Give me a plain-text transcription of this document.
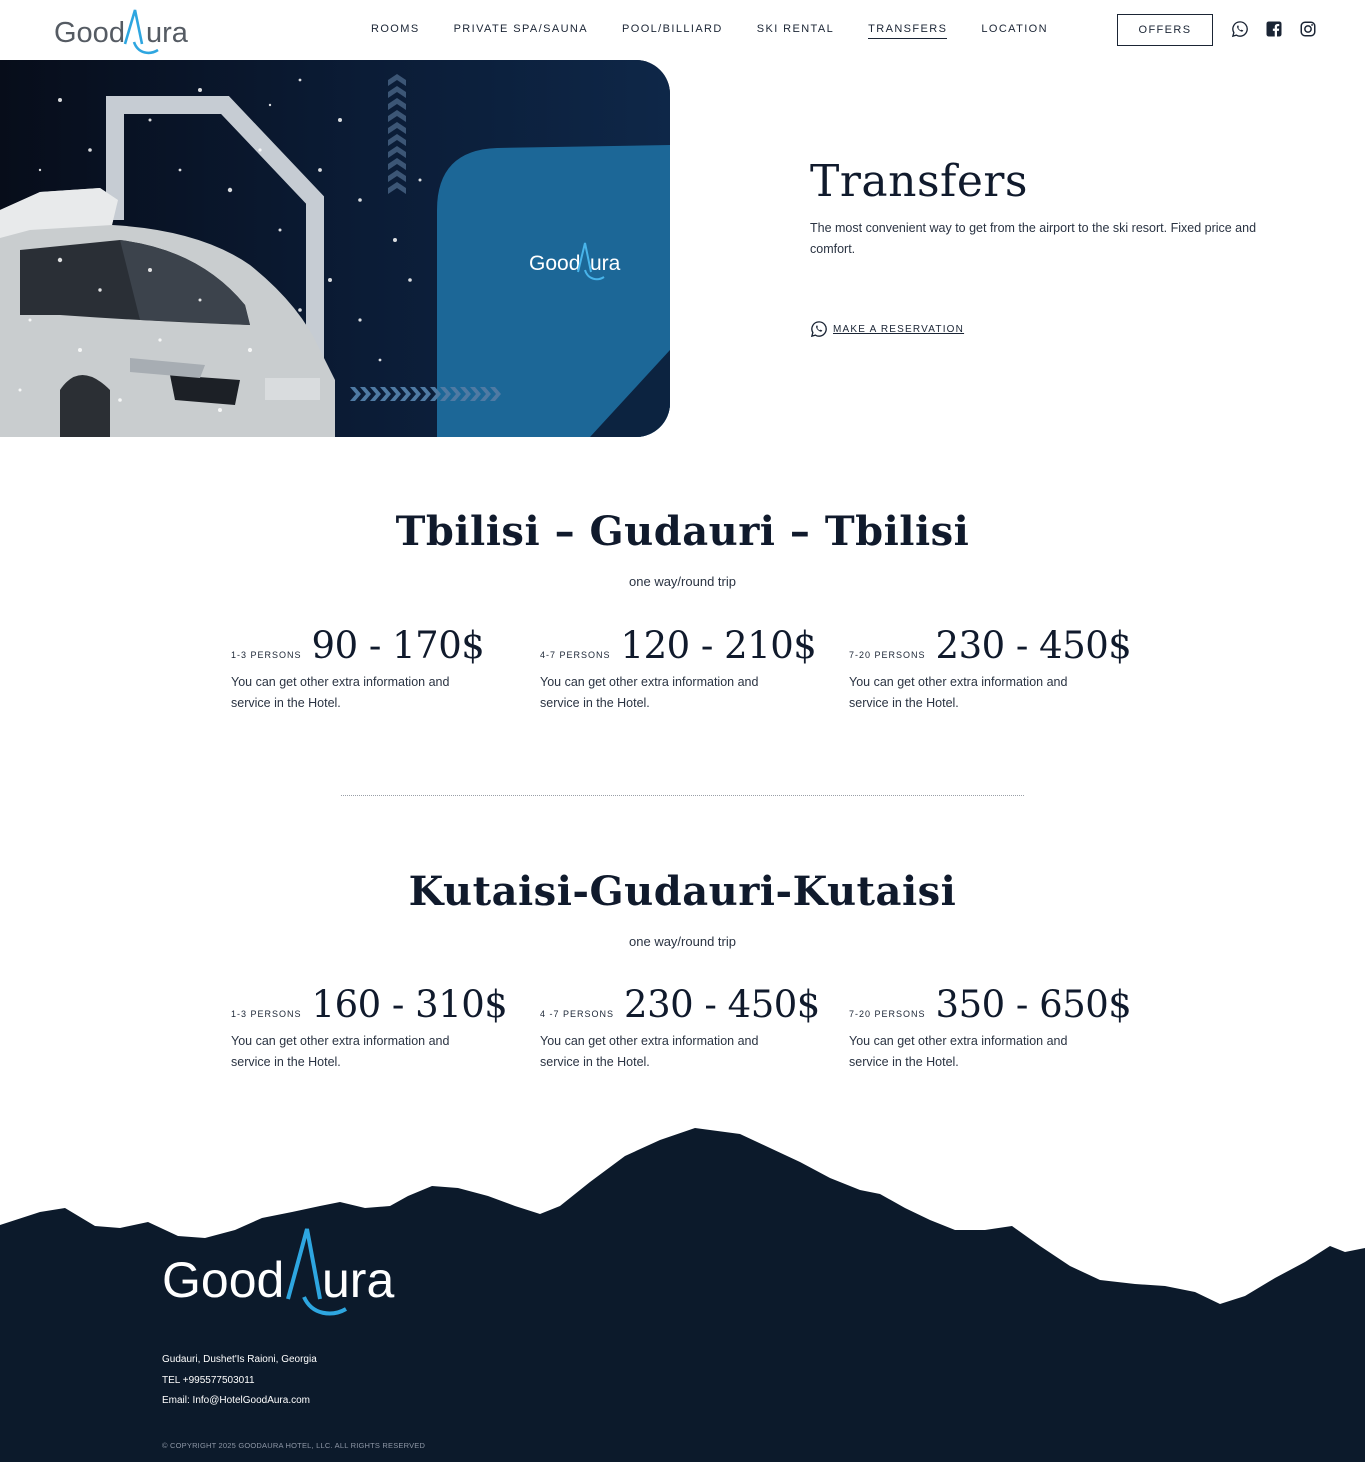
Good ura	ROOMS	PRIVATE SPA/SAUNA	POOL/BILLIARD	SKI RENTAL	TRANSFERS	LOCATION	OFFERS
Good ura
Transfers

The most convenient way to get from the airport to the ski resort. Fixed price and comfort.

MAKE A RESERVATION
Tbilisi – Gudauri – Tbilisi

one way/round trip

1-3 PERSONS 90 - 170$

You can get other extra information and service in the Hotel.

4-7 PERSONS 120 - 210$

You can get other extra information and service in the Hotel.

7-20 PERSONS 230 - 450$

You can get other extra information and service in the Hotel.

Kutaisi-Gudauri-Kutaisi

one way/round trip

1-3 PERSONS 160 - 310$

You can get other extra information and service in the Hotel.

4 -7 PERSONS 230 - 450$

You can get other extra information and service in the Hotel.

7-20 PERSONS 350 - 650$

You can get other extra information and service in the Hotel.

Good ura
Gudauri, Dushet'Is Raioni, Georgia
TEL +995577503011
Email: Info@HotelGoodAura.com
© COPYRIGHT 2025 GOODAURA HOTEL, LLC. ALL RIGHTS RESERVED
